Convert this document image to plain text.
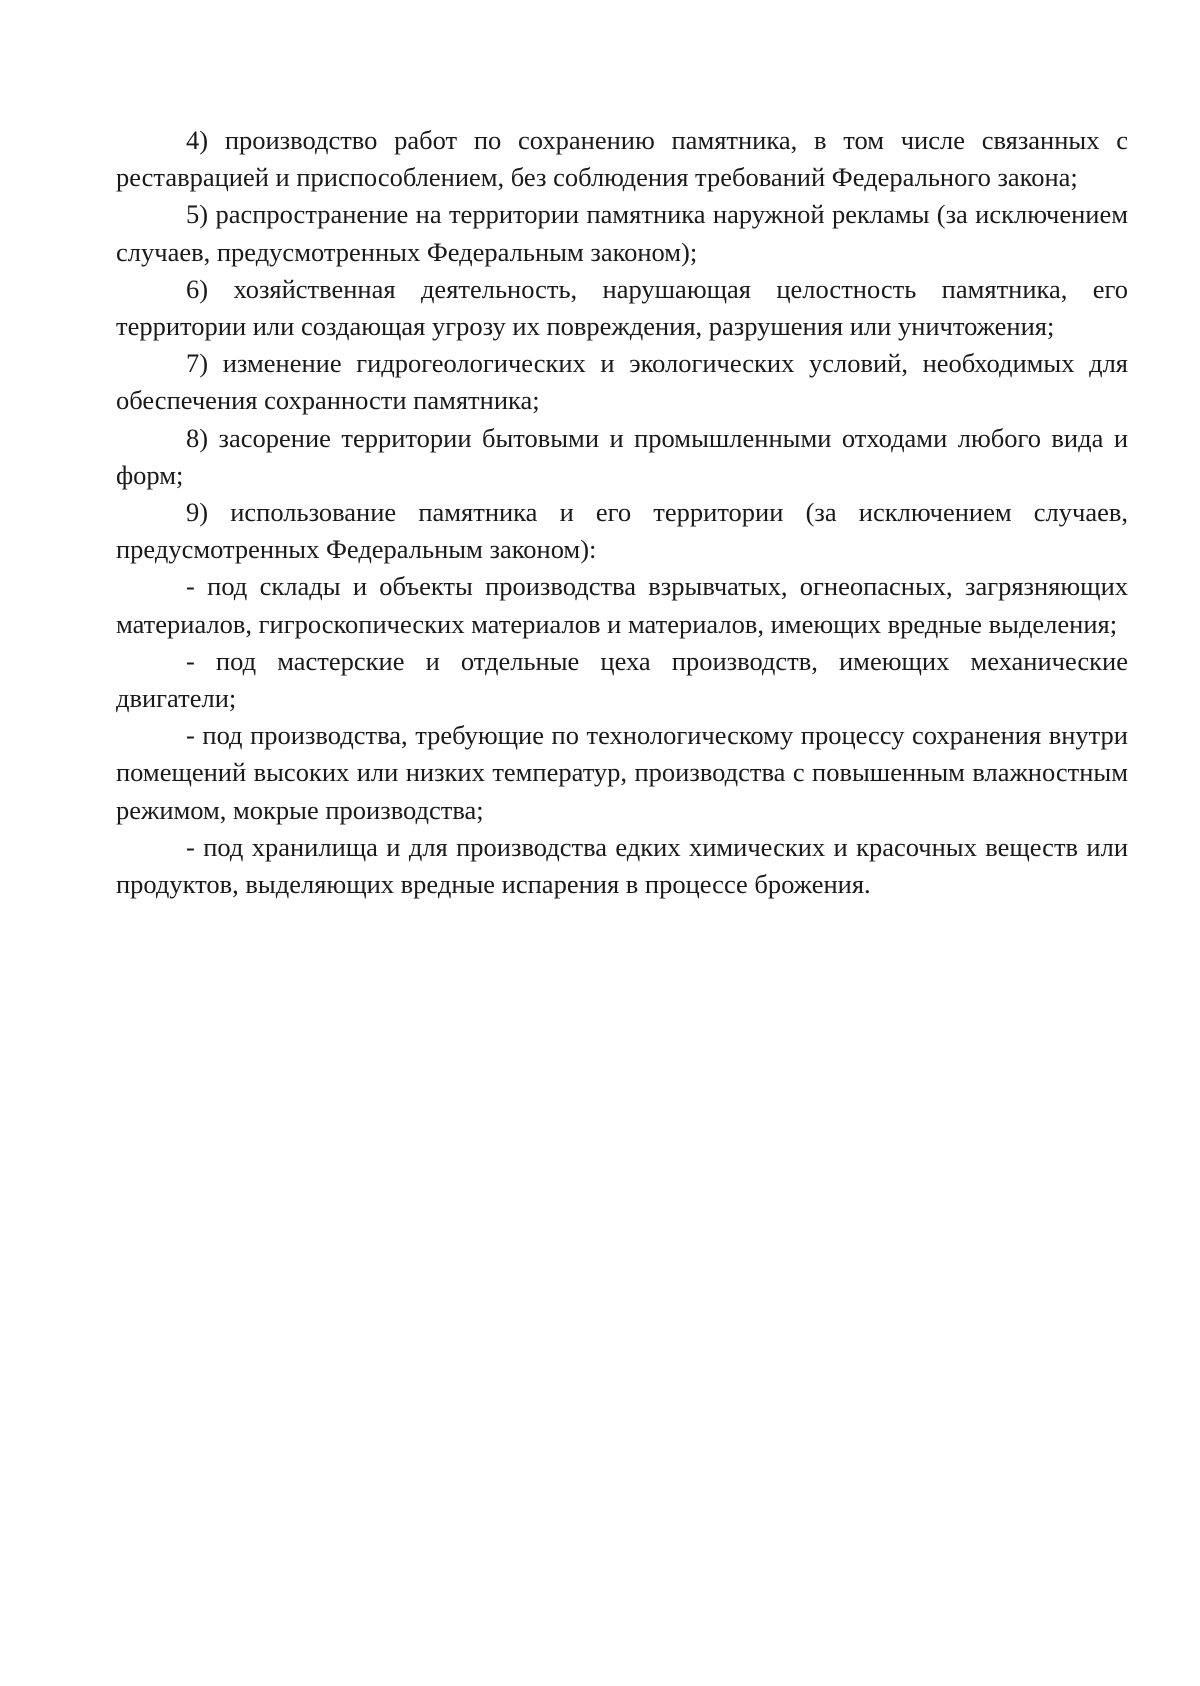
4) производство работ по сохранению памятника, в том числе связанных с реставрацией и приспособлением, без соблюдения требований Федерального закона;

5) распространение на территории памятника наружной рекламы (за исключением случаев, предусмотренных Федеральным законом);

6) хозяйственная деятельность, нарушающая целостность памятника, его территории или создающая угрозу их повреждения, разрушения или уничтожения;

7) изменение гидрогеологических и экологических условий, необходимых для обеспечения сохранности памятника;

8) засорение территории бытовыми и промышленными отходами любого вида и форм;

9) использование памятника и его территории (за исключением случаев, предусмотренных Федеральным законом):

- под склады и объекты производства взрывчатых, огнеопасных, загрязняющих материалов, гигроскопических материалов и материалов, имеющих вредные выделения;

- под мастерские и отдельные цеха производств, имеющих механические двигатели;

- под производства, требующие по технологическому процессу сохранения внутри помещений высоких или низких температур, производства с повышенным влажностным режимом, мокрые производства;

- под хранилища и для производства едких химических и красочных веществ или продуктов, выделяющих вредные испарения в процессе брожения.
